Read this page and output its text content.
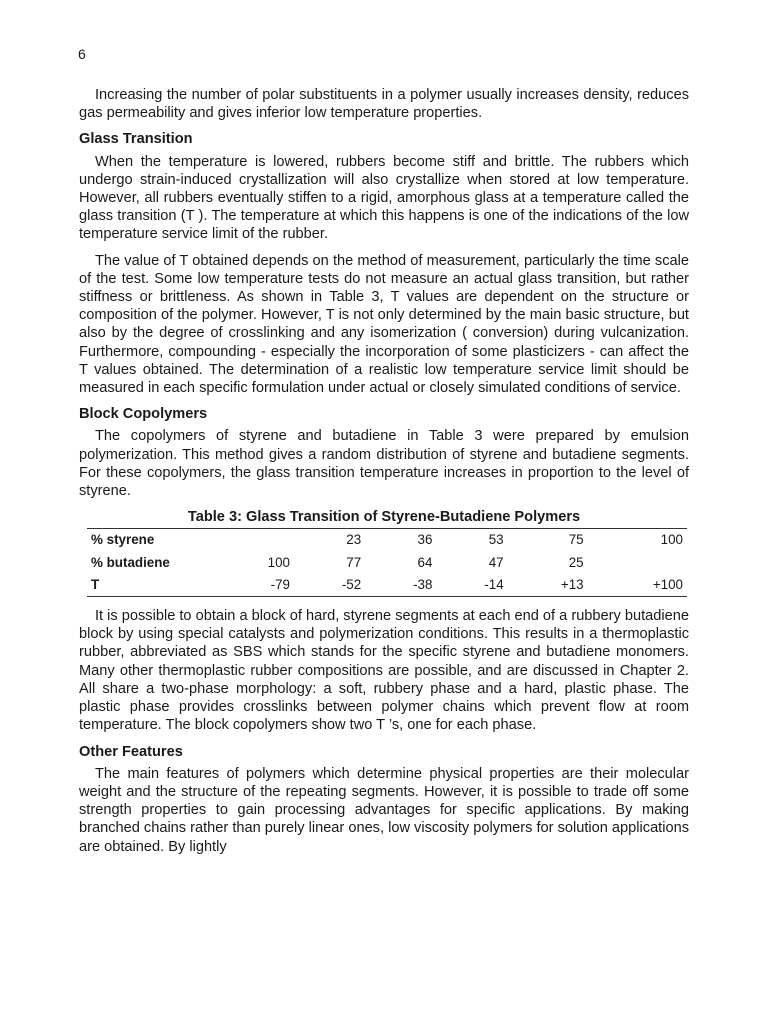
6

Increasing the number of polar substituents in a polymer usually increases density, reduces gas permeability and gives inferior low temperature properties.

Glass Transition

When the temperature is lowered, rubbers become stiff and brittle. The rubbers which undergo strain-induced crystallization will also crystallize when stored at low temperature. However, all rubbers eventually stiffen to a rigid, amorphous glass at a temperature called the glass transition (T ). The temperature at which this happens is one of the indications of the low temperature service limit of the rubber.

The value of T obtained depends on the method of measurement, particularly the time scale of the test. Some low temperature tests do not measure an actual glass transition, but rather stiffness or brittleness. As shown in Table 3, T values are dependent on the structure or composition of the polymer. However, T is not only determined by the main basic structure, but also by the degree of crosslinking and any isomerization ( conversion) during vulcanization. Furthermore, compounding - especially the incorporation of some plasticizers - can affect the T values obtained. The determination of a realistic low temperature service limit should be measured in each specific formulation under actual or closely simulated conditions of service.

Block Copolymers

The copolymers of styrene and butadiene in Table 3 were prepared by emulsion polymerization. This method gives a random distribution of styrene and butadiene segments. For these copolymers, the glass transition temperature increases in proportion to the level of styrene.

Table 3: Glass Transition of Styrene-Butadiene Polymers
% styrene		23	36	53	75	100
% butadiene	100	77	64	47	25	
T	-79	-52	-38	-14	+13	+100

It is possible to obtain a block of hard, styrene segments at each end of a rubbery butadiene block by using special catalysts and polymerization conditions. This results in a thermoplastic rubber, abbreviated as SBS which stands for the specific styrene and butadiene monomers. Many other thermoplastic rubber compositions are possible, and are discussed in Chapter 2. All share a two-phase morphology: a soft, rubbery phase and a hard, plastic phase. The plastic phase provides crosslinks between polymer chains which prevent flow at room temperature. The block copolymers show two T ’s, one for each phase.

Other Features

The main features of polymers which determine physical properties are their molecular weight and the structure of the repeating segments. However, it is possible to trade off some strength properties to gain processing advantages for specific applications. By making branched chains rather than purely linear ones, low viscosity polymers for solution applications are obtained. By lightly
